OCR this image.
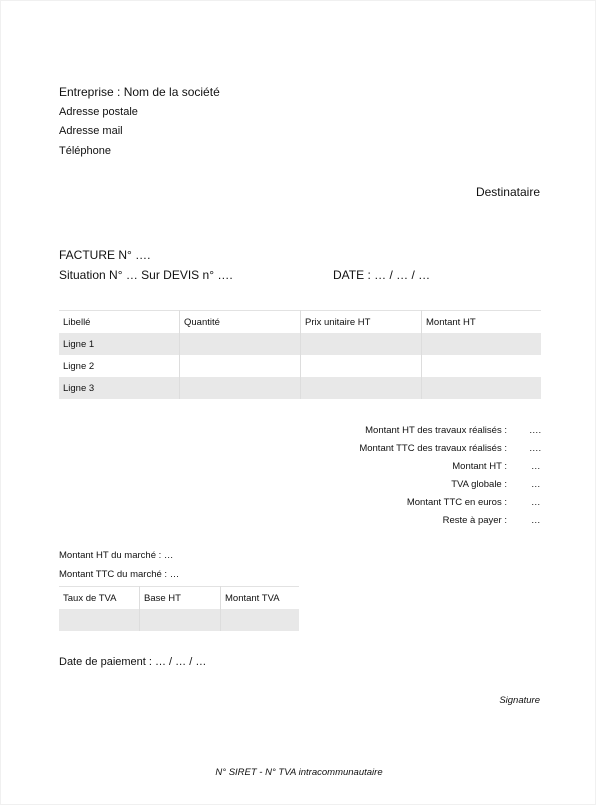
Entreprise : Nom de la société
Adresse postale
Adresse mail
Téléphone
Destinataire
FACTURE N° ….
Situation N° … Sur DEVIS n° ….	DATE : … / … / …
Libellé	Quantité	Prix unitaire HT	Montant HT
Ligne 1			
Ligne 2			
Ligne 3			
Montant HT des travaux réalisés : ….
Montant TTC des travaux réalisés : ….
Montant HT :	…
TVA globale :	…
Montant TTC en euros :	…
Reste à payer :	…
Montant HT du marché : …
Montant TTC du marché : …
Taux de TVA	Base HT	Montant TVA

Date de paiement : … / … / …
Signature
N° SIRET - N° TVA intracommunautaire
